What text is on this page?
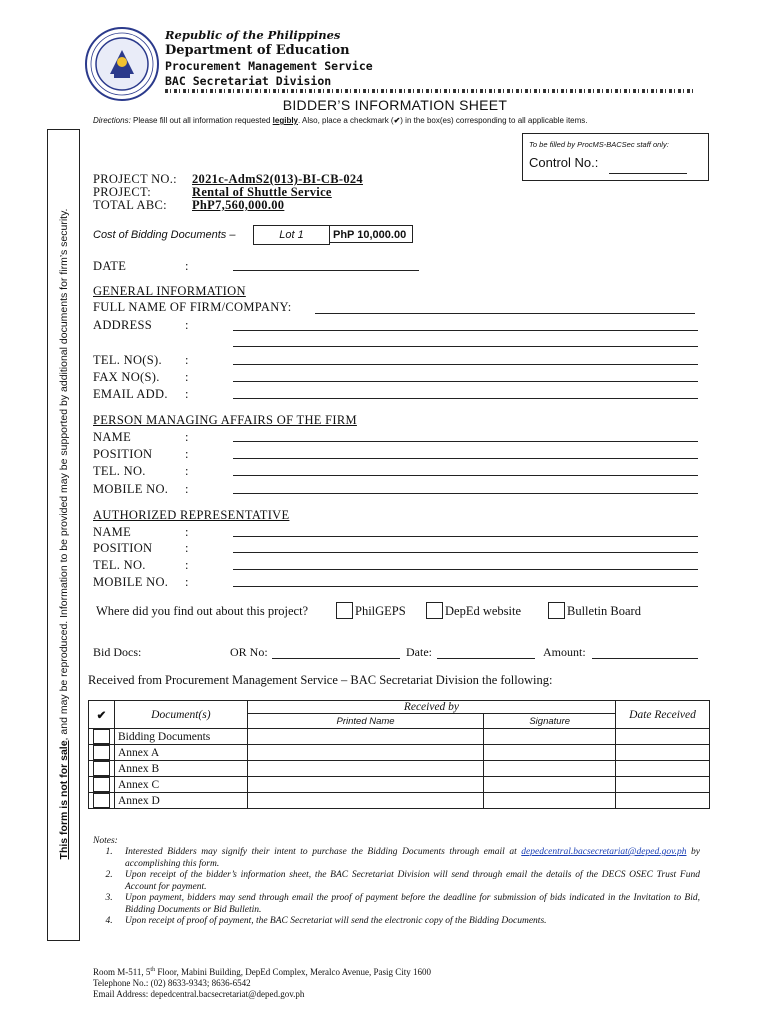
Republic of the Philippines
Department of Education
Procurement Management Service
BAC Secretariat Division
BIDDER’S INFORMATION SHEET
Directions: Please fill out all information requested legibly. Also, place a checkmark (✔) in the box(es) corresponding to all applicable items.
This form is not for sale, and may be reproduced. Information to be provided may be supported by additional documents for firm’s security.
To be filled by ProcMS-BACSec staff only:
Control No.:
PROJECT NO.: 2021c-AdmS2(013)-BI-CB-024
PROJECT:	Rental of Shuttle Service
TOTAL ABC: PhP7,560,000.00
Cost of Bidding Documents –	Lot 1	PhP 10,000.00
DATE	:
GENERAL INFORMATION
FULL NAME OF FIRM/COMPANY:
ADDRESS	:
TEL. NO(S). :
FAX NO(S). :
EMAIL ADD. :
PERSON MANAGING AFFAIRS OF THE FIRM
NAME	:
POSITION	:
TEL. NO.	:
MOBILE NO. :
AUTHORIZED REPRESENTATIVE
NAME	:
POSITION	:
TEL. NO.	:
MOBILE NO. :
Where did you find out about this project?	PhilGEPS	DepEd website	Bulletin Board
Bid Docs:	OR No:	Date:	Amount:
Received from Procurement Management Service – BAC Secretariat Division the following:
✔	Document(s)	Received by		Date Received
		Printed Name	Signature	

	Bidding Documents			

	Annex A			

	Annex B			

	Annex C			

	Annex D			
Notes:
1.	Interested Bidders may signify their intent to purchase the Bidding Documents through email at depedcentral.bacsecretariat@deped.gov.ph by accomplishing this form.
2.	Upon receipt of the bidder’s information sheet, the BAC Secretariat Division will send through email the details of the DECS OSEC Trust Fund Account for payment.
3.	Upon payment, bidders may send through email the proof of payment before the deadline for submission of bids indicated in the Invitation to Bid, Bidding Documents or Bid Bulletin.
4.	Upon receipt of proof of payment, the BAC Secretariat will send the electronic copy of the Bidding Documents.
Room M-511, 5th Floor, Mabini Building, DepEd Complex, Meralco Avenue, Pasig City 1600
Telephone No.: (02) 8633-9343; 8636-6542
Email Address: depedcentral.bacsecretariat@deped.gov.ph
